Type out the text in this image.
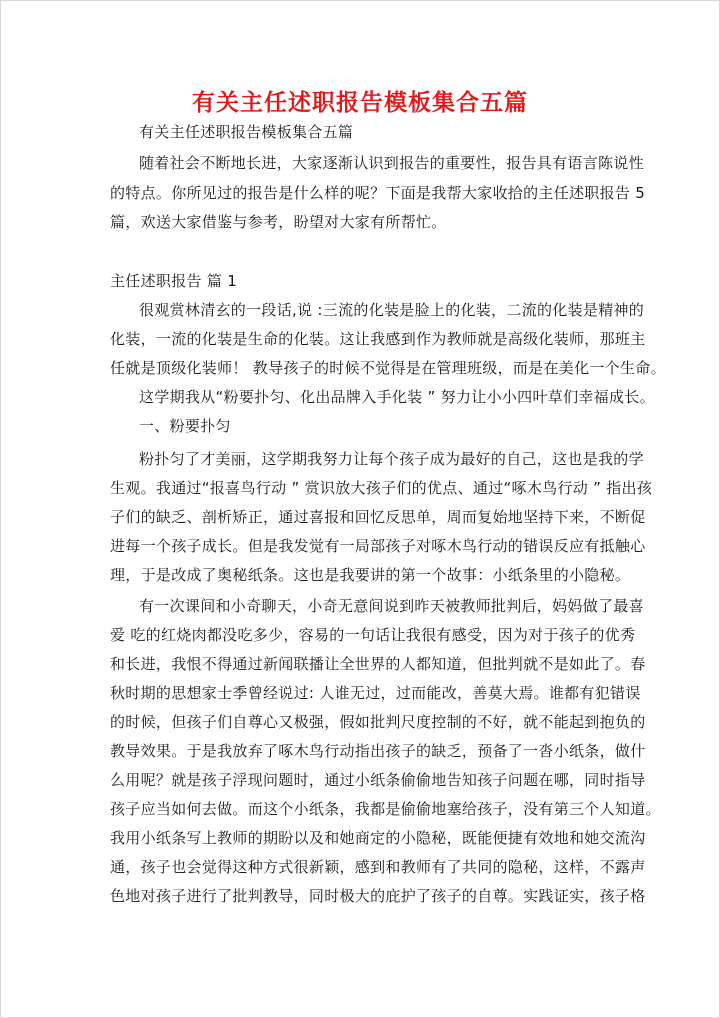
有关主任述职报告模板集合五篇
有关主任述职报告模板集合五篇
随着社会不断地长进，大家逐渐认识到报告的重要性，报告具有语言陈说性
的特点。你所见过的报告是什么样的呢？下面是我帮大家收拾的主任述职报告 5
篇，欢送大家借鉴与参考，盼望对大家有所帮忙。
主任述职报告 篇 1
很观赏林清玄的一段话,说 :三流的化装是脸上的化装，二流的化装是精神的
化装，一流的化装是生命的化装。这让我感到作为教师就是高级化装师，那班主
任就是顶级化装师！ 教导孩子的时候不觉得是在管理班级，而是在美化一个生命。
这学期我从“粉要扑匀、化出品牌入手化装 ” 努力让小小四叶草们幸福成长。
一、粉要扑匀
粉扑匀了才美丽，这学期我努力让每个孩子成为最好的自己，这也是我的学
生观。我通过“报喜鸟行动 ” 赏识放大孩子们的优点、通过“啄木鸟行动 ” 指出孩
子们的缺乏、剖析矫正，通过喜报和回忆反思单，周而复始地坚持下来，不断促
进每一个孩子成长。但是我发觉有一局部孩子对啄木鸟行动的错误反应有抵触心
理，于是改成了奥秘纸条。这也是我要讲的第一个故事：小纸条里的小隐秘。
有一次课间和小奇聊天，小奇无意间说到昨天被教师批判后，妈妈做了最喜
爱 吃的红烧肉都没吃多少，容易的一句话让我很有感受，因为对于孩子的优秀
和长进，我恨不得通过新闻联播让全世界的人都知道，但批判就不是如此了。春
秋时期的思想家士季曾经说过: 人谁无过，过而能改，善莫大焉。谁都有犯错误
的时候，但孩子们自尊心又极强，假如批判尺度控制的不好，就不能起到抱负的
教导效果。于是我放弃了啄木鸟行动指出孩子的缺乏，预备了一沓小纸条，做什
么用呢？就是孩子浮现问题时，通过小纸条偷偷地告知孩子问题在哪，同时指导
孩子应当如何去做。而这个小纸条，我都是偷偷地塞给孩子，没有第三个人知道。
我用小纸条写上教师的期盼以及和她商定的小隐秘，既能便捷有效地和她交流沟
通，孩子也会觉得这种方式很新颖，感到和教师有了共同的隐秘，这样，不露声
色地对孩子进行了批判教导，同时极大的庇护了孩子的自尊。实践证实，孩子格
